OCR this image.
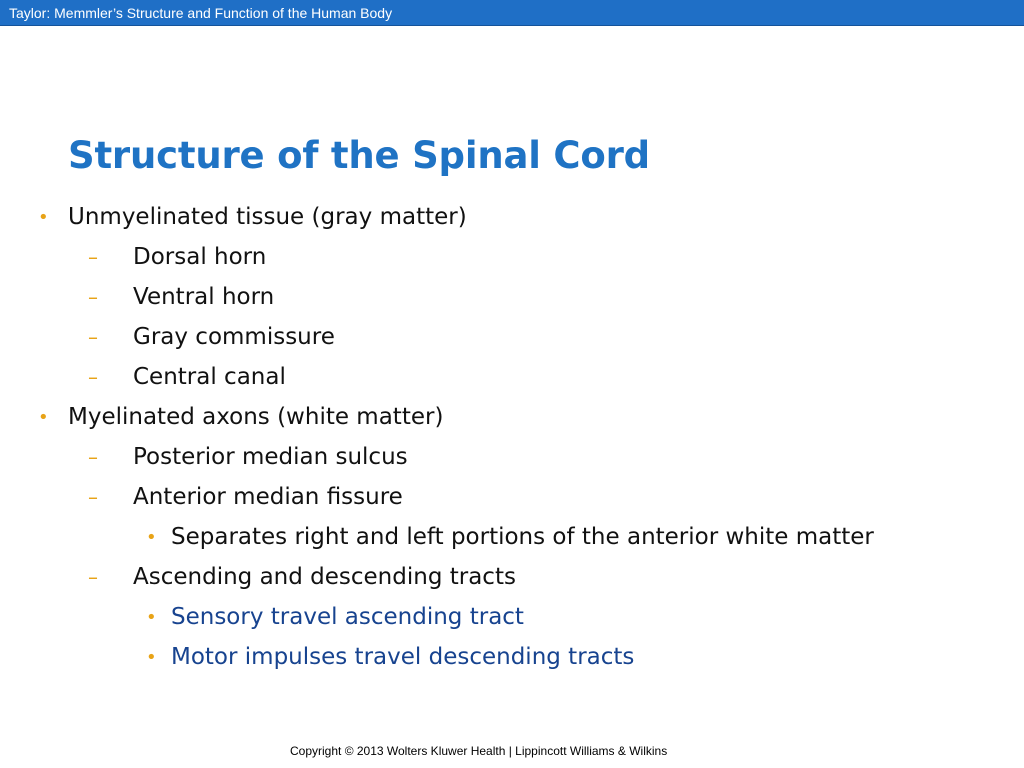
Taylor: Memmler’s Structure and Function of the Human Body
Structure of the Spinal Cord
• Unmyelinated tissue (gray matter)
– Dorsal horn
– Ventral horn
– Gray commissure
– Central canal
• Myelinated axons (white matter)
– Posterior median sulcus
– Anterior median fissure
• Separates right and left portions of the anterior white matter
– Ascending and descending tracts
• Sensory travel ascending tract
• Motor impulses travel descending tracts
Copyright © 2013 Wolters Kluwer Health | Lippincott Williams & Wilkins
